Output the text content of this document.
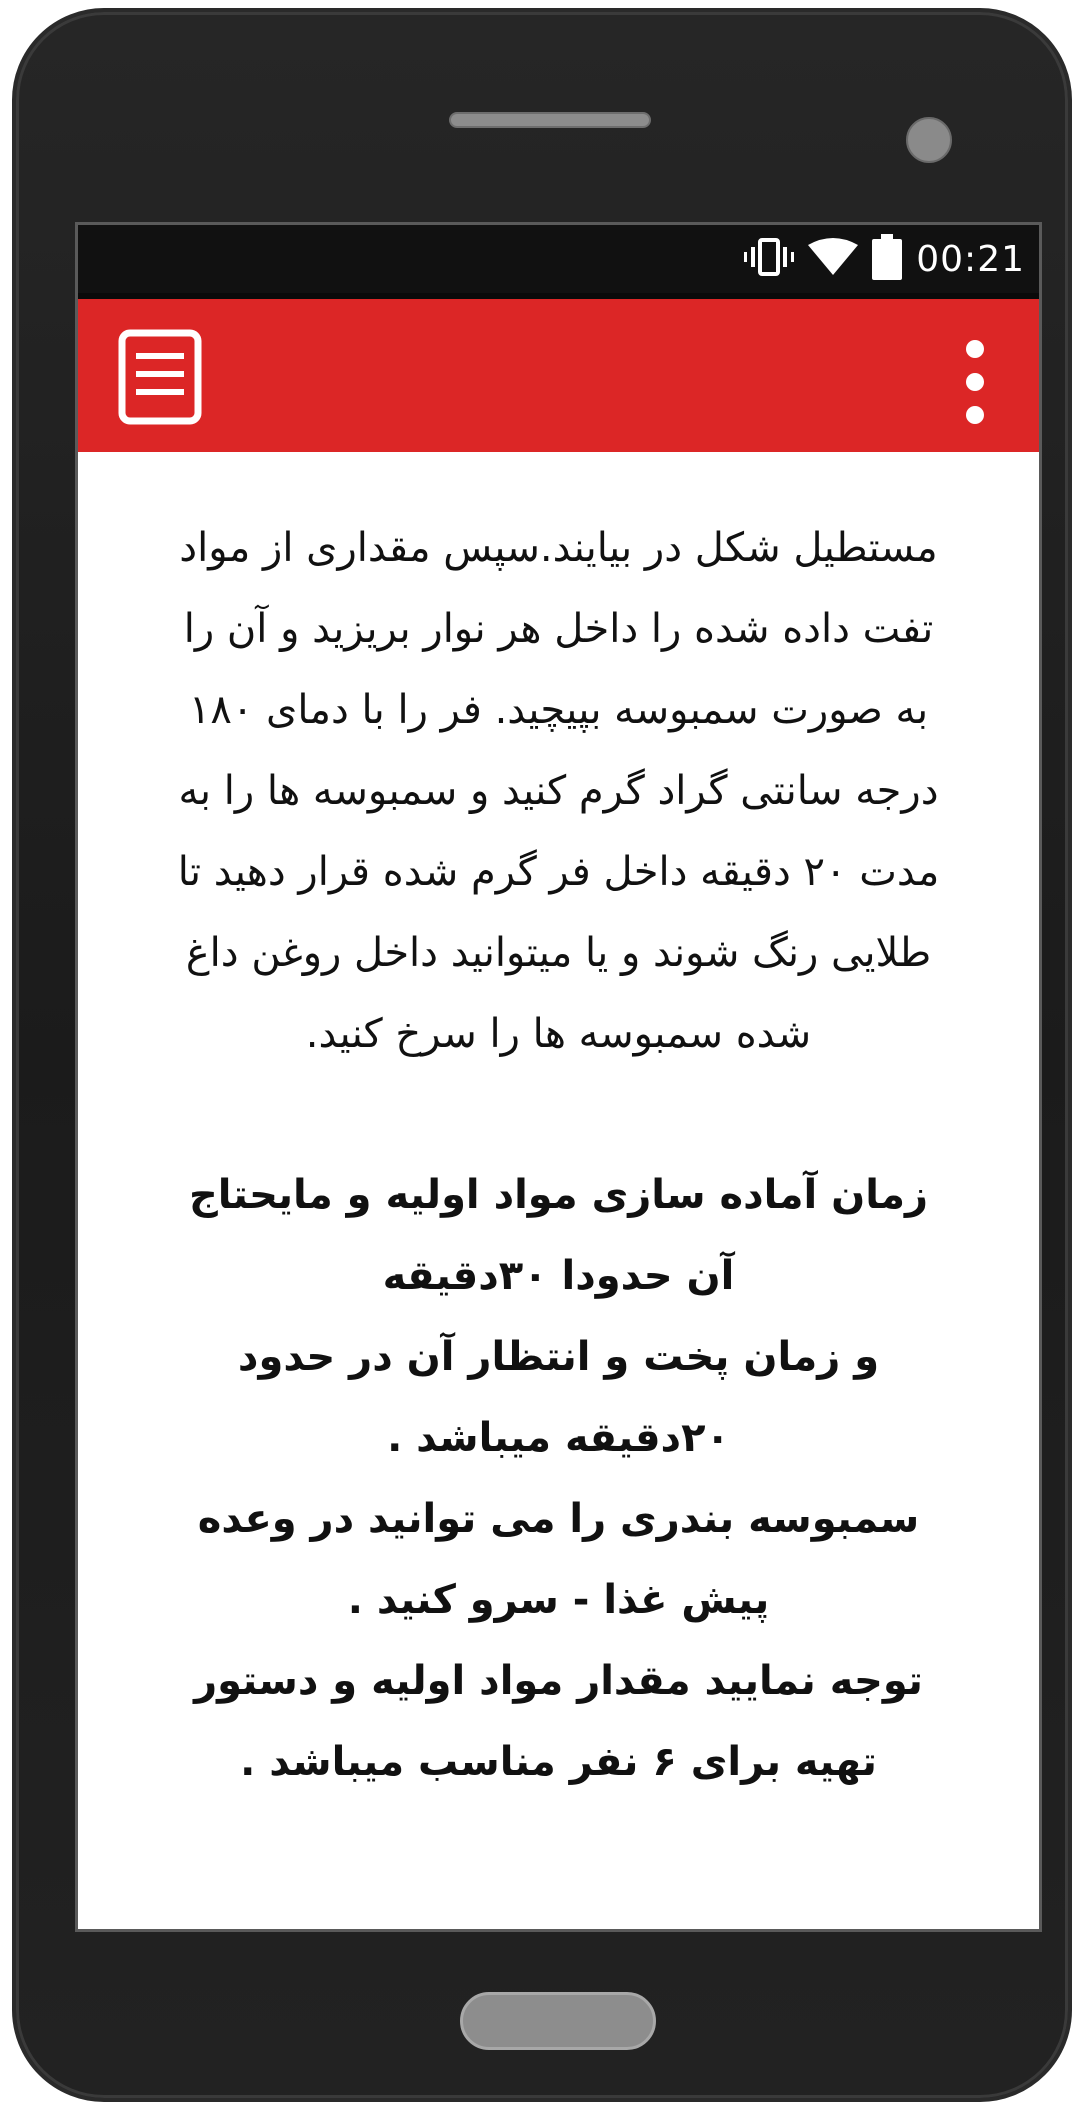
00:21

مستطیل شکل در بیایند.سپس مقداری از مواد تفت داده شده را داخل هر نوار بریزید و آن را به صورت سمبوسه بپیچید. فر را با دمای ۱۸۰ درجه سانتی گراد گرم کنید و سمبوسه ها را به مدت ۲۰ دقیقه داخل فر گرم شده قرار دهید تا طلایی رنگ شوند و یا میتوانید داخل روغن داغ شده سمبوسه ها را سرخ کنید.

زمان آماده سازی مواد اولیه و مایحتاج آن حدودا ۳۰دقیقه

و زمان پخت و انتظار آن در حدود ۲۰دقیقه میباشد .

سمبوسه بندری را می توانید در وعده پیش غذا - سرو کنید .

توجه نمایید مقدار مواد اولیه و دستور تهیه برای ۶ نفر مناسب میباشد .
